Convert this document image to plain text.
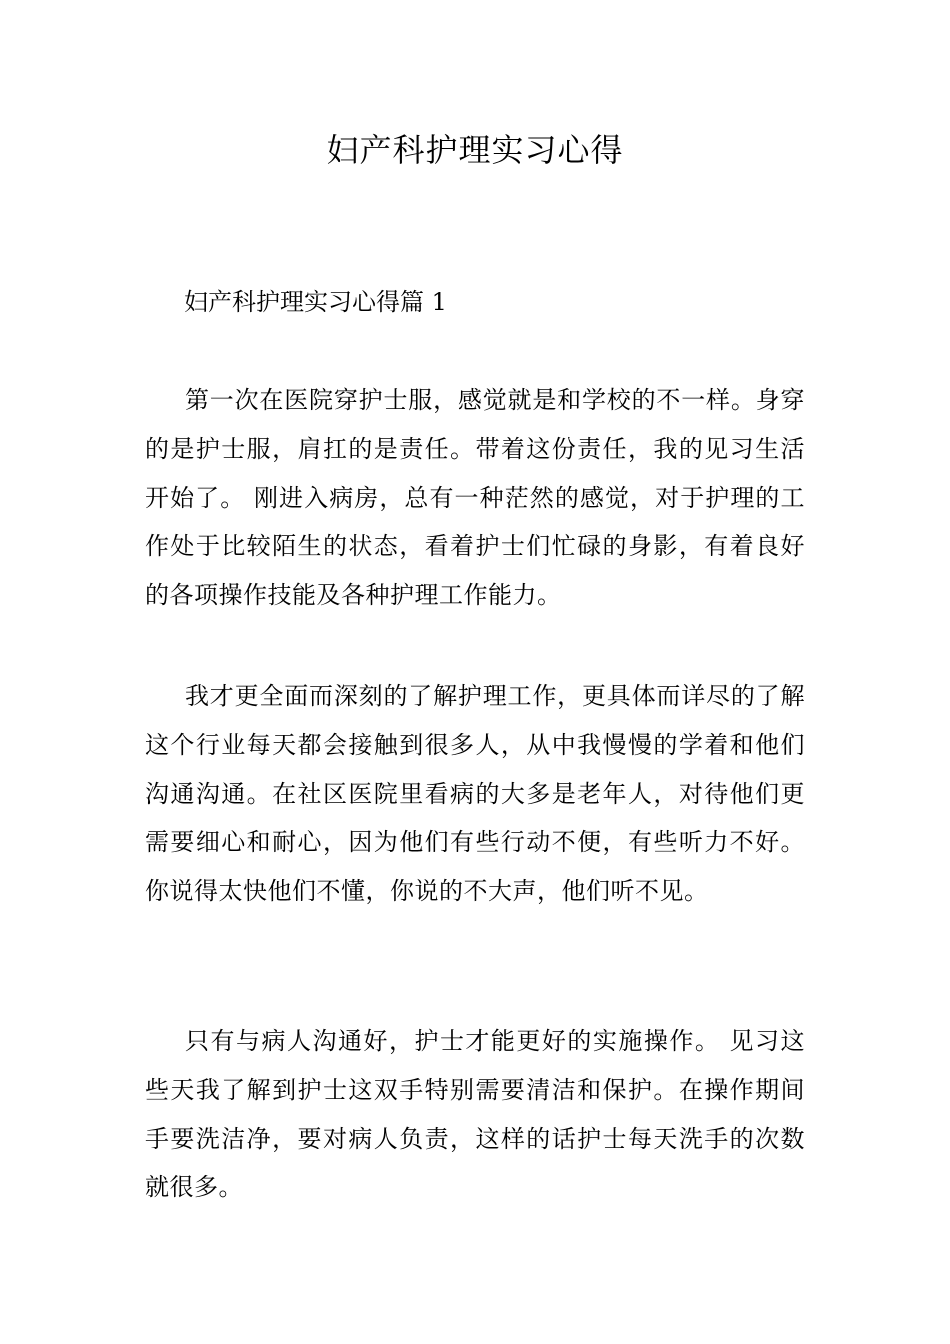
妇产科护理实习心得

妇产科护理实习心得篇 1

第一次在医院穿护士服，感觉就是和学校的不一样。身穿的是护士服，肩扛的是责任。带着这份责任，我的见习生活开始了。 刚进入病房，总有一种茫然的感觉，对于护理的工作处于比较陌生的状态，看着护士们忙碌的身影，有着良好的各项操作技能及各种护理工作能力。

我才更全面而深刻的了解护理工作，更具体而详尽的了解这个行业每天都会接触到很多人，从中我慢慢的学着和他们沟通沟通。在社区医院里看病的大多是老年人，对待他们更需要细心和耐心，因为他们有些行动不便，有些听力不好。你说得太快他们不懂，你说的不大声，他们听不见。

只有与病人沟通好，护士才能更好的实施操作。 见习这些天我了解到护士这双手特别需要清洁和保护。在操作期间手要洗洁净，要对病人负责，这样的话护士每天洗手的次数就很多。
